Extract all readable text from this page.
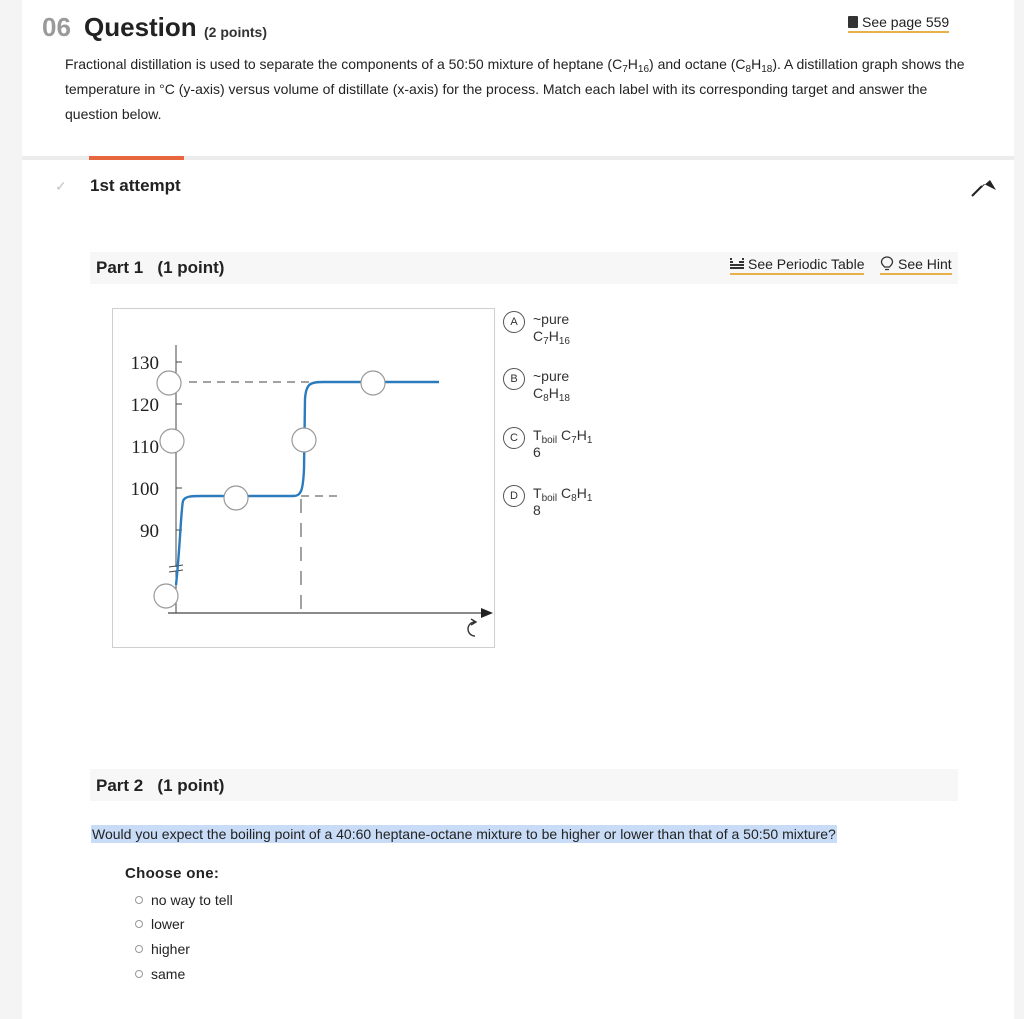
06 Question (2 points)
See page 559
Fractional distillation is used to separate the components of a 50:50 mixture of heptane $(C_7H_{16})$ and octane $(C_8H_{18})$. A distillation graph shows the temperature in °C (y-axis) versus volume of distillate (x-axis) for the process. Match each label with its corresponding target and answer the question below.
✓ 1st attempt
Part 1   (1 point)	See Periodic Table See Hint
130
120
110
100
90
A	~pure
$C_7H_{16}$
B	~pure
$C_8H_{18}$
C	$T_{boil}$ $C_7H_1$
6
D	$T_{boil}$ $C_8H_1$
8
Part 2   (1 point)
Would you expect the boiling point of a 40:60 heptane-octane mixture to be higher or lower than that of a 50:50 mixture?
Choose one:
no way to tell
lower
higher
same
